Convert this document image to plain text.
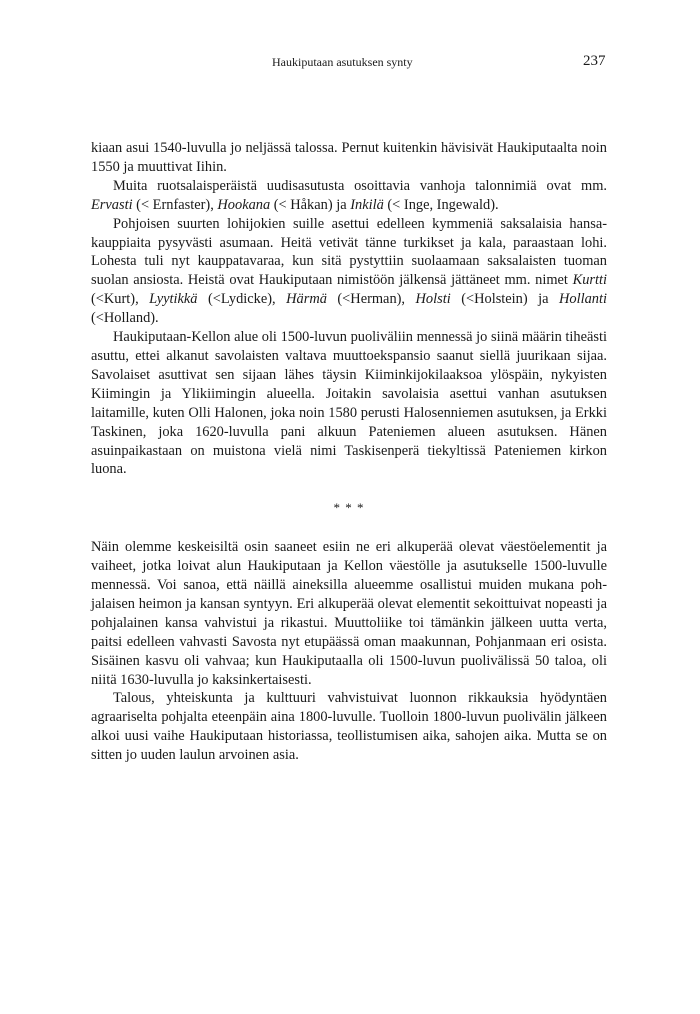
Haukiputaan asutuksen synty	237

kiaan asui 1540-luvulla jo neljässä talossa. Pernut kuitenkin hävisivät Haukiputaalta noin 1550 ja muuttivat Iihin.

Muita ruotsalaisperäistä uudisasutusta osoittavia vanhoja talonnimiä ovat mm. Ervasti (< Ernfaster), Hookana (< Håkan) ja Inkilä (< Inge, Ingewald).

Pohjoisen suurten lohijokien suille asettui edelleen kymmeniä saksalaisia hansakauppiaita pysyvästi asumaan. Heitä vetivät tänne turkikset ja kala, paraastaan lohi. Lohesta tuli nyt kauppatavaraa, kun sitä pystyttiin suolaamaan saksalaisten tuoman suolan ansiosta. Heistä ovat Haukiputaan nimistöön jälkensä jättäneet mm. nimet Kurtti (<Kurt), Lyytikkä (<Lydicke), Härmä (<Herman), Holsti (<Holstein) ja Hollanti (<Holland).

Haukiputaan-Kellon alue oli 1500-luvun puoliväliin mennessä jo siinä määrin tiheästi asuttu, ettei alkanut savolaisten valtava muuttoekspansio saanut siellä juurikaan sijaa. Savolaiset asuttivat sen sijaan lähes täysin Kiiminkijokilaaksoa ylöspäin, nykyisten Kiimingin ja Ylikiimingin alueella. Joitakin savolaisia asettui vanhan asutuksen laitamille, kuten Olli Halonen, joka noin 1580 perusti Halosenniemen asutuksen, ja Erkki Taskinen, joka 1620-luvulla pani alkuun Pateniemen alueen asutuksen. Hänen asuinpaikastaan on muistona vielä nimi Taskisenperä tiekyltissä Pateniemen kirkon luona.

* * *

Näin olemme keskeisiltä osin saaneet esiin ne eri alkuperää olevat väestöelementit ja vaiheet, jotka loivat alun Haukiputaan ja Kellon väestölle ja asutukselle 1500-luvulle mennessä. Voi sanoa, että näillä aineksilla alueemme osallistui muiden mukana pohjalaisen heimon ja kansan syntyyn. Eri alkuperää olevat elementit sekoittuivat nopeasti ja pohjalainen kansa vahvistui ja rikastui. Muuttoliike toi tämänkin jälkeen uutta verta, paitsi edelleen vahvasti Savosta nyt etupäässä oman maakunnan, Pohjanmaan eri osista. Sisäinen kasvu oli vahvaa; kun Haukiputaalla oli 1500-luvun puolivälissä 50 taloa, oli niitä 1630-luvulla jo kaksinkertaisesti.

Talous, yhteiskunta ja kulttuuri vahvistuivat luonnon rikkauksia hyödyntäen agraariselta pohjalta eteenpäin aina 1800-luvulle. Tuolloin 1800-luvun puolivälin jälkeen alkoi uusi vaihe Haukiputaan historiassa, teollistumisen aika, sahojen aika. Mutta se on sitten jo uuden laulun arvoinen asia.
